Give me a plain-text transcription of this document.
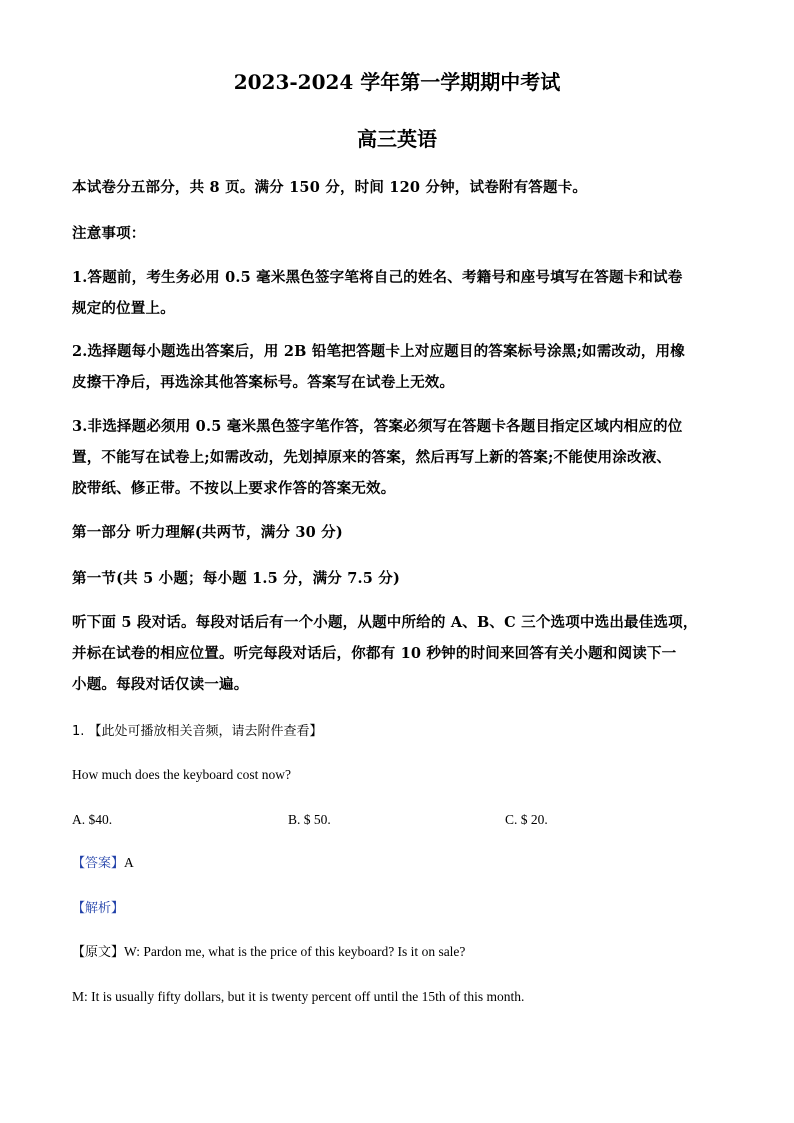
2023-2024 学年第一学期期中考试
高三英语
本试卷分五部分，共 8 页。满分 150 分，时间 120 分钟，试卷附有答题卡。
注意事项：
1.答题前，考生务必用 0.5 毫米黑色签字笔将自己的姓名、考籍号和座号填写在答题卡和试卷
规定的位置上。
2.选择题每小题选出答案后，用 2B 铅笔把答题卡上对应题目的答案标号涂黑;如需改动，用橡
皮擦干净后，再选涂其他答案标号。答案写在试卷上无效。
3.非选择题必须用 0.5 毫米黑色签字笔作答，答案必须写在答题卡各题目指定区域内相应的位
置，不能写在试卷上;如需改动，先划掉原来的答案，然后再写上新的答案;不能使用涂改液、
胶带纸、修正带。不按以上要求作答的答案无效。
第一部分 听力理解(共两节，满分 30 分)
第一节(共 5 小题；每小题 1.5 分，满分 7.5 分)
听下面 5 段对话。每段对话后有一个小题，从题中所给的 A、B、C 三个选项中选出最佳选项，
并标在试卷的相应位置。听完每段对话后，你都有 10 秒钟的时间来回答有关小题和阅读下一
小题。每段对话仅读一遍。
1. 【此处可播放相关音频，请去附件查看】
How much does the keyboard cost now?
A. $40.	B. $ 50.	C. $ 20.
【答案】A
【解析】
【原文】W: Pardon me, what is the price of this keyboard? Is it on sale?
M: It is usually fifty dollars, but it is twenty percent off until the 15th of this month.
